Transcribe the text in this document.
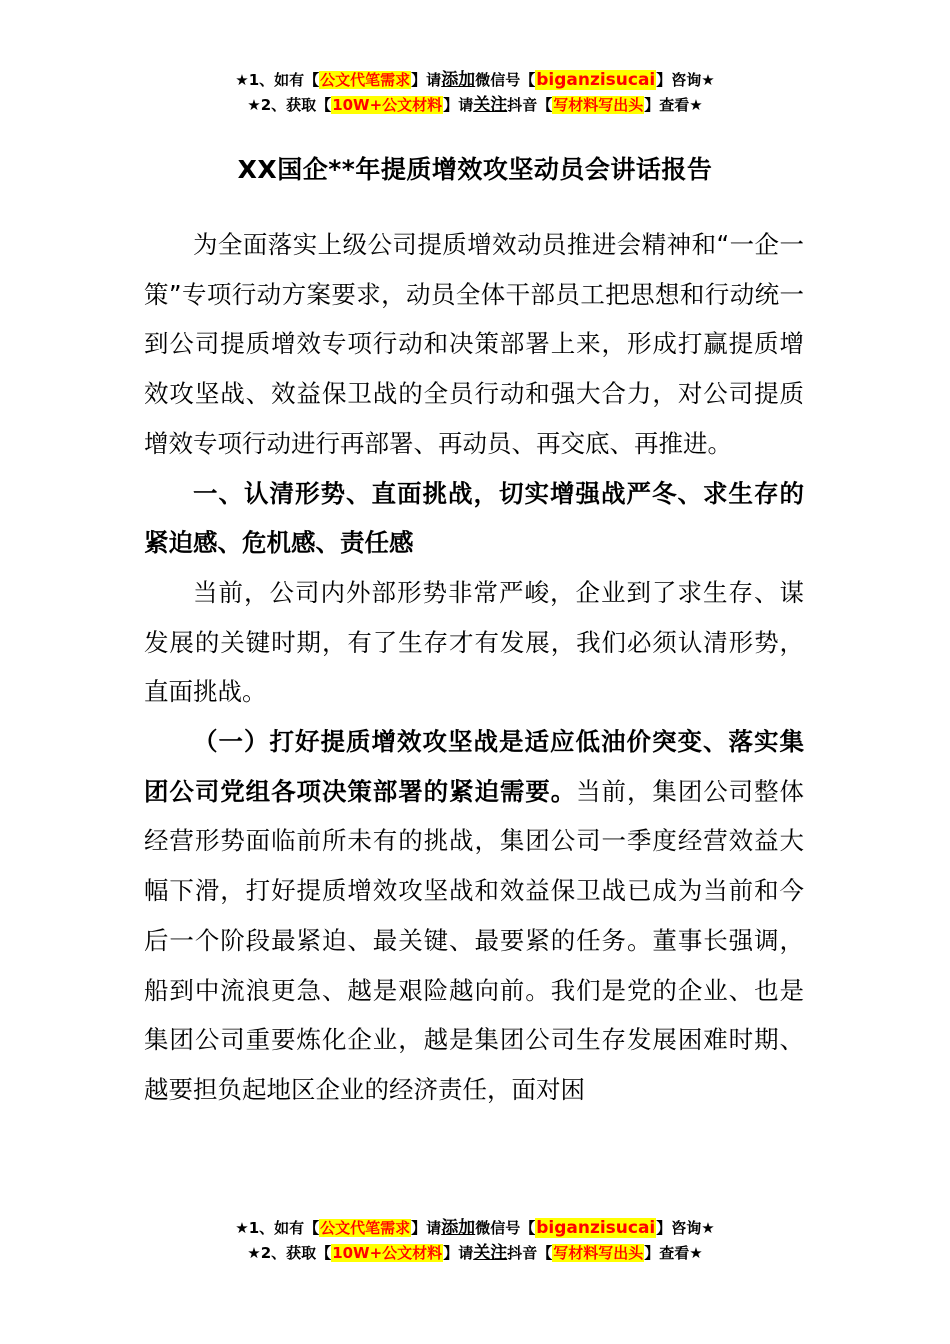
★1、如有【公文代笔需求】请添加微信号【biganzisucai】咨询★
★2、获取【10W+公文材料】请关注抖音【写材料写出头】查看★
XX国企**年提质增效攻坚动员会讲话报告

为全面落实上级公司提质增效动员推进会精神和“一企一策”专项行动方案要求，动员全体干部员工把思想和行动统一到公司提质增效专项行动和决策部署上来，形成打赢提质增效攻坚战、效益保卫战的全员行动和强大合力，对公司提质增效专项行动进行再部署、再动员、再交底、再推进。

一、认清形势、直面挑战，切实增强战严冬、求生存的紧迫感、危机感、责任感

当前，公司内外部形势非常严峻，企业到了求生存、谋发展的关键时期，有了生存才有发展，我们必须认清形势，直面挑战。

（一）打好提质增效攻坚战是适应低油价突变、落实集团公司党组各项决策部署的紧迫需要。当前，集团公司整体经营形势面临前所未有的挑战，集团公司一季度经营效益大幅下滑，打好提质增效攻坚战和效益保卫战已成为当前和今后一个阶段最紧迫、最关键、最要紧的任务。董事长强调，船到中流浪更急、越是艰险越向前。我们是党的企业、也是集团公司重要炼化企业，越是集团公司生存发展困难时期、越要担负起地区企业的经济责任，面对困

★1、如有【公文代笔需求】请添加微信号【biganzisucai】咨询★
★2、获取【10W+公文材料】请关注抖音【写材料写出头】查看★
